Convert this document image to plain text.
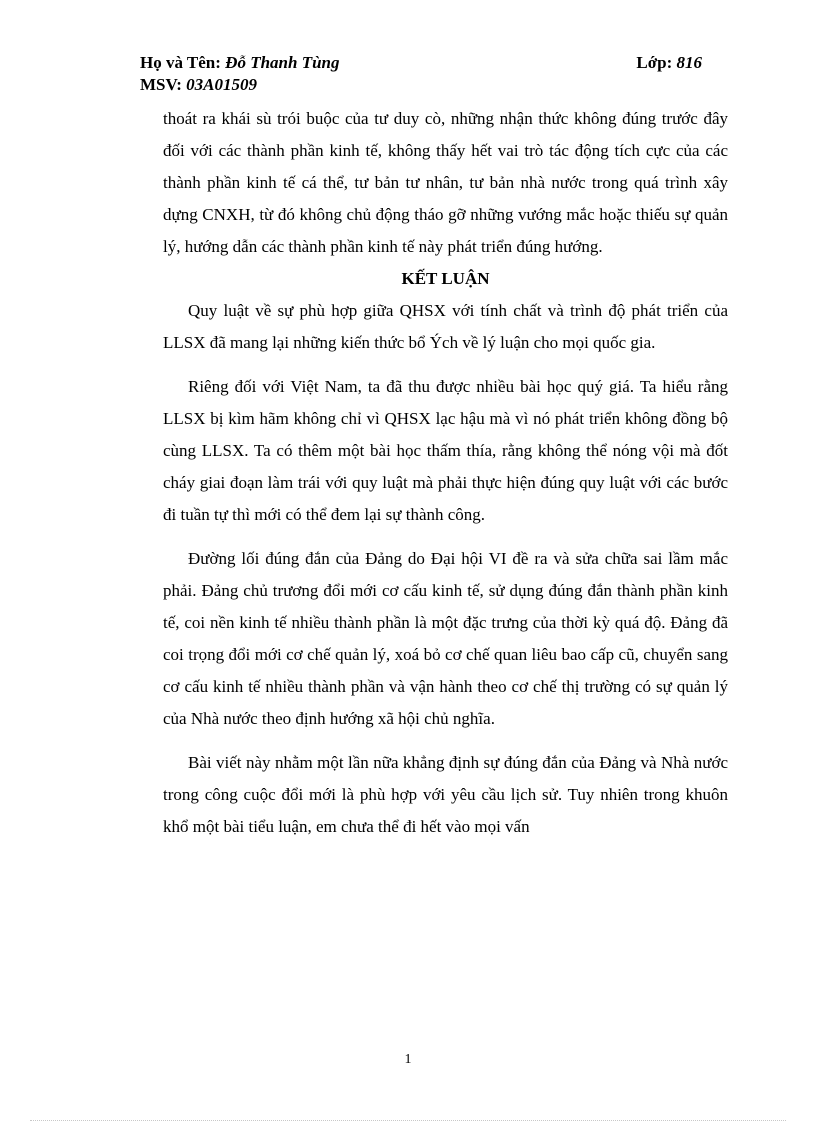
Họ và Tên: Đỗ Thanh Tùng	Lớp: 816
MSV: 03A01509

thoát ra khái sù trói buộc của tư duy cò, những nhận thức không đúng trước đây đối với các thành phần kinh tế, không thấy hết vai trò tác động tích cực của các thành phần kinh tế cá thể, tư bản tư nhân, tư bản nhà nước trong quá trình xây dựng CNXH, từ đó không chủ động tháo gỡ những vướng mắc hoặc thiếu sự quản lý, hướng dẫn các thành phần kinh tế này phát triển đúng hướng.

KẾT LUẬN

Quy luật về sự phù hợp giữa QHSX với tính chất và trình độ phát triển của LLSX đã mang lại những kiến thức bổ Ých về lý luận cho mọi quốc gia.

Riêng đối với Việt Nam, ta đã thu được nhiều bài học quý giá. Ta hiểu rằng LLSX bị kìm hãm không chỉ vì QHSX lạc hậu mà vì nó phát triển không đồng bộ cùng LLSX. Ta có thêm một bài học thấm thía, rằng không thể nóng vội mà đốt cháy giai đoạn làm trái với quy luật mà phải thực hiện đúng quy luật với các bước đi tuần tự thì mới có thể đem lại sự thành công.

Đường lối đúng đắn của Đảng do Đại hội VI đề ra và sửa chữa sai lầm mắc phải. Đảng chủ trương đổi mới cơ cấu kinh tế, sử dụng đúng đắn thành phần kinh tế, coi nền kinh tế nhiều thành phần là một đặc trưng của thời kỳ quá độ. Đảng đã coi trọng đổi mới cơ chế quản lý, xoá bỏ cơ chế quan liêu bao cấp cũ, chuyển sang cơ cấu kinh tế nhiều thành phần và vận hành theo cơ chế thị trường có sự quản lý của Nhà nước theo định hướng xã hội chủ nghĩa.

Bài viết này nhằm một lần nữa khẳng định sự đúng đắn của Đảng và Nhà nước trong công cuộc đổi mới là phù hợp với yêu cầu lịch sử. Tuy nhiên trong khuôn khổ một bài tiểu luận, em chưa thể đi hết vào mọi vấn

1
